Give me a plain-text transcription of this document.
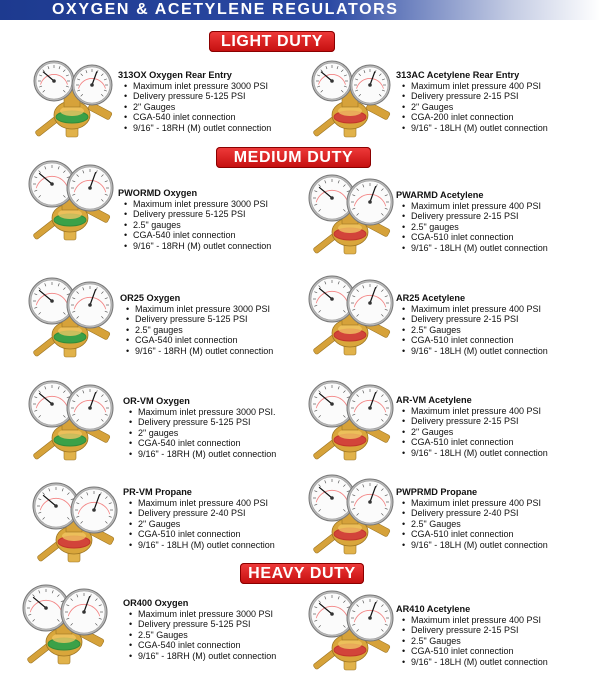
OXYGEN & ACETYLENE REGULATORS
LIGHT DUTY
MEDIUM DUTY
HEAVY DUTY
313OX Oxygen Rear Entry
• Maximum inlet pressure 3000 PSI
• Delivery pressure 5-125 PSI
• 2" Gauges
• CGA-540 inlet connection
• 9/16" - 18RH (M) outlet connection
313AC Acetylene Rear Entry
• Maximum inlet pressure 400 PSI
• Delivery pressure 2-15 PSI
• 2" Gauges
• CGA-200 inlet connection
• 9/16" - 18LH (M) outlet connection
PWORMD Oxygen
• Maximum inlet pressure 3000 PSI
• Delivery pressure 5-125 PSI
• 2.5" gauges
• CGA-540 inlet connection
• 9/16" - 18RH (M) outlet connection
PWARMD Acetylene
• Maximum inlet pressure 400 PSI
• Delivery pressure 2-15 PSI
• 2.5" gauges
• CGA-510 inlet connection
• 9/16" - 18LH (M) outlet connection
OR25 Oxygen
• Maximum inlet pressure 3000 PSI
• Delivery pressure 5-125 PSI
• 2.5" gauges
• CGA-540 inlet connection
• 9/16" - 18RH (M) outlet connection
AR25 Acetylene
• Maximum inlet pressure 400 PSI
• Delivery pressure 2-15 PSI
• 2.5" Gauges
• CGA-510 inlet connection
• 9/16" - 18LH (M) outlet connection
OR-VM Oxygen
• Maximum inlet pressure 3000 PSI.
• Delivery pressure 5-125 PSI
• 2" gauges
• CGA-540 inlet connection
• 9/16" - 18RH (M) outlet connection
AR-VM Acetylene
• Maximum inlet pressure 400 PSI
• Delivery pressure 2-15 PSI
• 2" Gauges
• CGA-510 inlet connection
• 9/16" - 18LH (M) outlet connection
PR-VM Propane
• Maximum inlet pressure 400 PSI
• Delivery pressure 2-40 PSI
• 2" Gauges
• CGA-510 inlet connection
• 9/16" - 18LH (M) outlet connection
PWPRMD Propane
• Maximum inlet pressure 400 PSI
• Delivery pressure 2-40 PSI
• 2.5" Gauges
• CGA-510 inlet connection
• 9/16" - 18LH (M) outlet connection
OR400 Oxygen
• Maximum inlet pressure 3000 PSI
• Delivery pressure 5-125 PSI
• 2.5" Gauges
• CGA-540 inlet connection
• 9/16" - 18RH (M) outlet connection
AR410 Acetylene
• Maximum inlet pressure 400 PSI
• Delivery pressure 2-15 PSI
• 2.5" Gauges
• CGA-510 inlet connection
• 9/16" - 18LH (M) outlet connection
